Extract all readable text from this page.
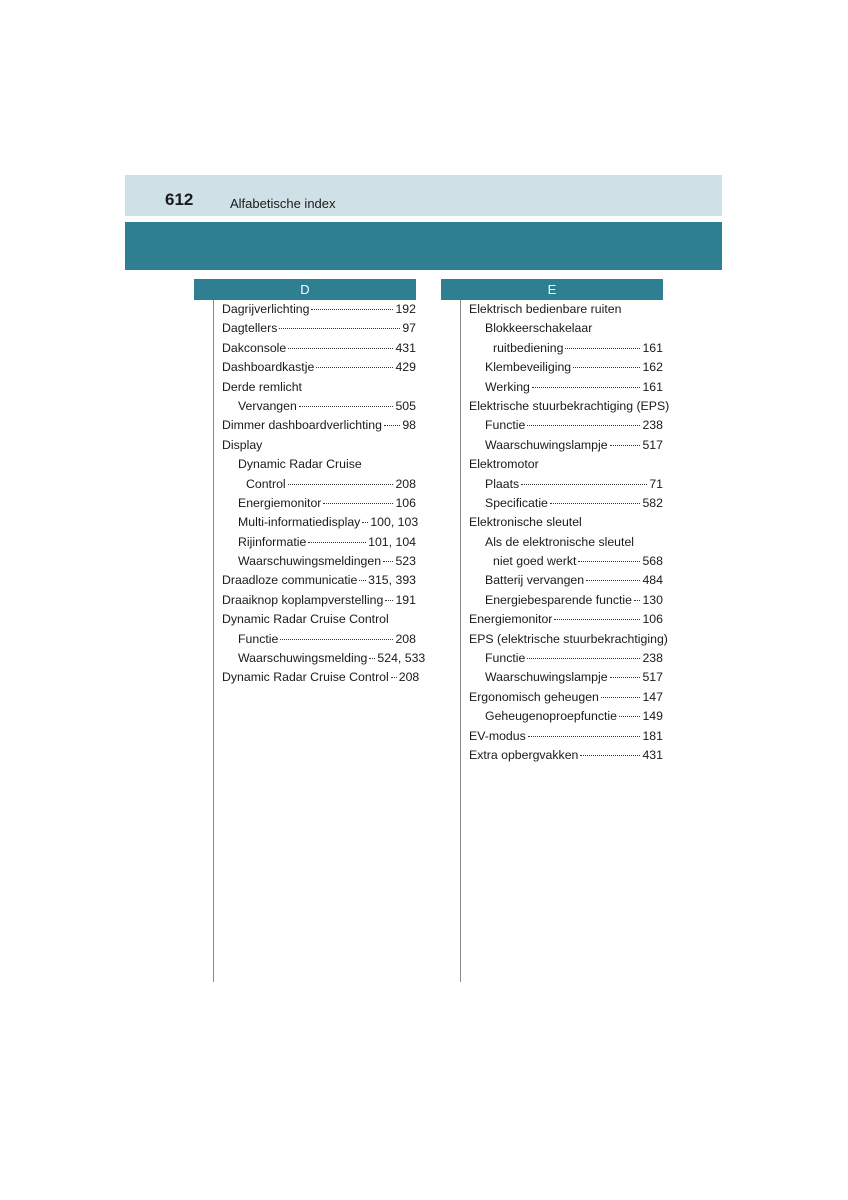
612	Alfabetische index
D
Dagrijverlichting	192
Dagtellers	97
Dakconsole	431
Dashboardkastje	429
Derde remlicht
Vervangen	505
Dimmer dashboardverlichting 98
Display
Dynamic Radar Cruise
Control	208
Energiemonitor	106
Multi-informatiedisplay 100, 103
Rijinformatie	101, 104
Waarschuwingsmeldingen 523
Draadloze communicatie 315, 393
Draaiknop koplampverstelling 191
Dynamic Radar Cruise Control
Functie	208
Waarschuwingsmelding 524, 533
Dynamic Radar Cruise Control 208
E
Elektrisch bedienbare ruiten
Blokkeerschakelaar
ruitbediening	161
Klembeveiliging	162
Werking	161
Elektrische stuurbekrachtiging (EPS)
Functie	238
Waarschuwingslampje	517
Elektromotor
Plaats	71
Specificatie	582
Elektronische sleutel
Als de elektronische sleutel
niet goed werkt	568
Batterij vervangen	484
Energiebesparende functie 130
Energiemonitor	106
EPS (elektrische stuurbekrachtiging)
Functie	238
Waarschuwingslampje	517
Ergonomisch geheugen	147
Geheugenoproepfunctie 149
EV-modus	181
Extra opbergvakken	431
